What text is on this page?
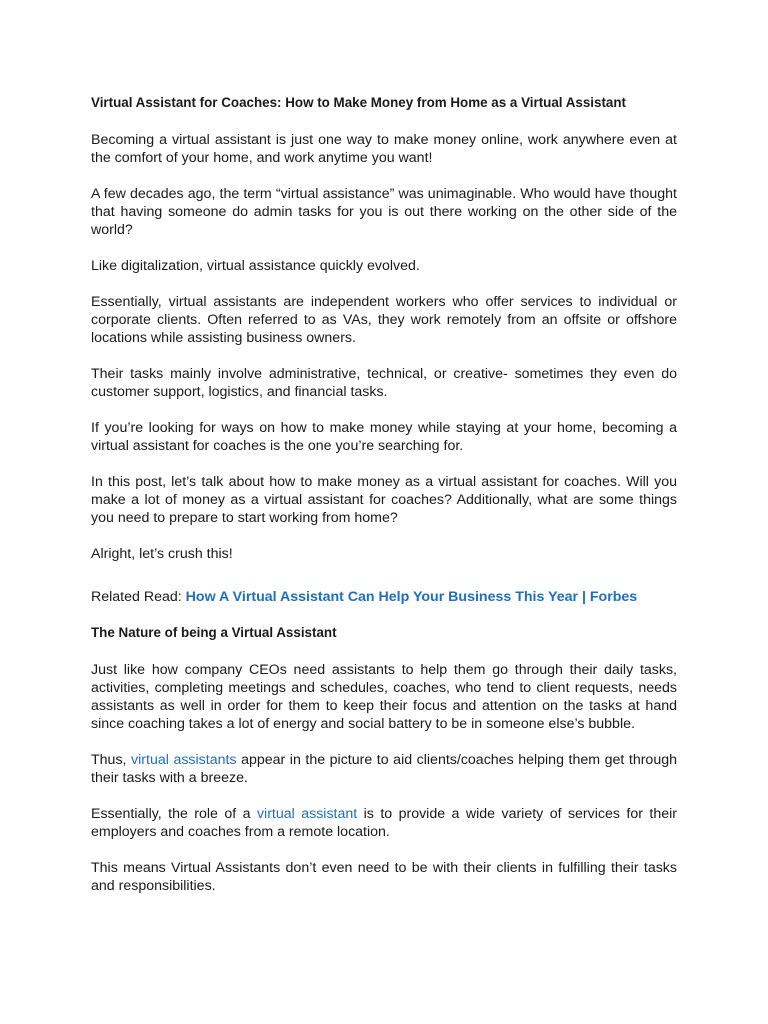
Virtual Assistant for Coaches: How to Make Money from Home as a Virtual Assistant

Becoming a virtual assistant is just one way to make money online, work anywhere even at the comfort of your home, and work anytime you want!

A few decades ago, the term “virtual assistance” was unimaginable. Who would have thought that having someone do admin tasks for you is out there working on the other side of the world?

Like digitalization, virtual assistance quickly evolved.

Essentially, virtual assistants are independent workers who offer services to individual or corporate clients. Often referred to as VAs, they work remotely from an offsite or offshore locations while assisting business owners.

Their tasks mainly involve administrative, technical, or creative- sometimes they even do customer support, logistics, and financial tasks.

If you’re looking for ways on how to make money while staying at your home, becoming a virtual assistant for coaches is the one you’re searching for.

In this post, let’s talk about how to make money as a virtual assistant for coaches. Will you make a lot of money as a virtual assistant for coaches? Additionally, what are some things you need to prepare to start working from home?

Alright, let’s crush this!

Related Read: How A Virtual Assistant Can Help Your Business This Year | Forbes

The Nature of being a Virtual Assistant

Just like how company CEOs need assistants to help them go through their daily tasks, activities, completing meetings and schedules, coaches, who tend to client requests, needs assistants as well in order for them to keep their focus and attention on the tasks at hand since coaching takes a lot of energy and social battery to be in someone else’s bubble.

Thus, virtual assistants appear in the picture to aid clients/coaches helping them get through their tasks with a breeze.

Essentially, the role of a virtual assistant is to provide a wide variety of services for their employers and coaches from a remote location.

This means Virtual Assistants don’t even need to be with their clients in fulfilling their tasks and responsibilities.
